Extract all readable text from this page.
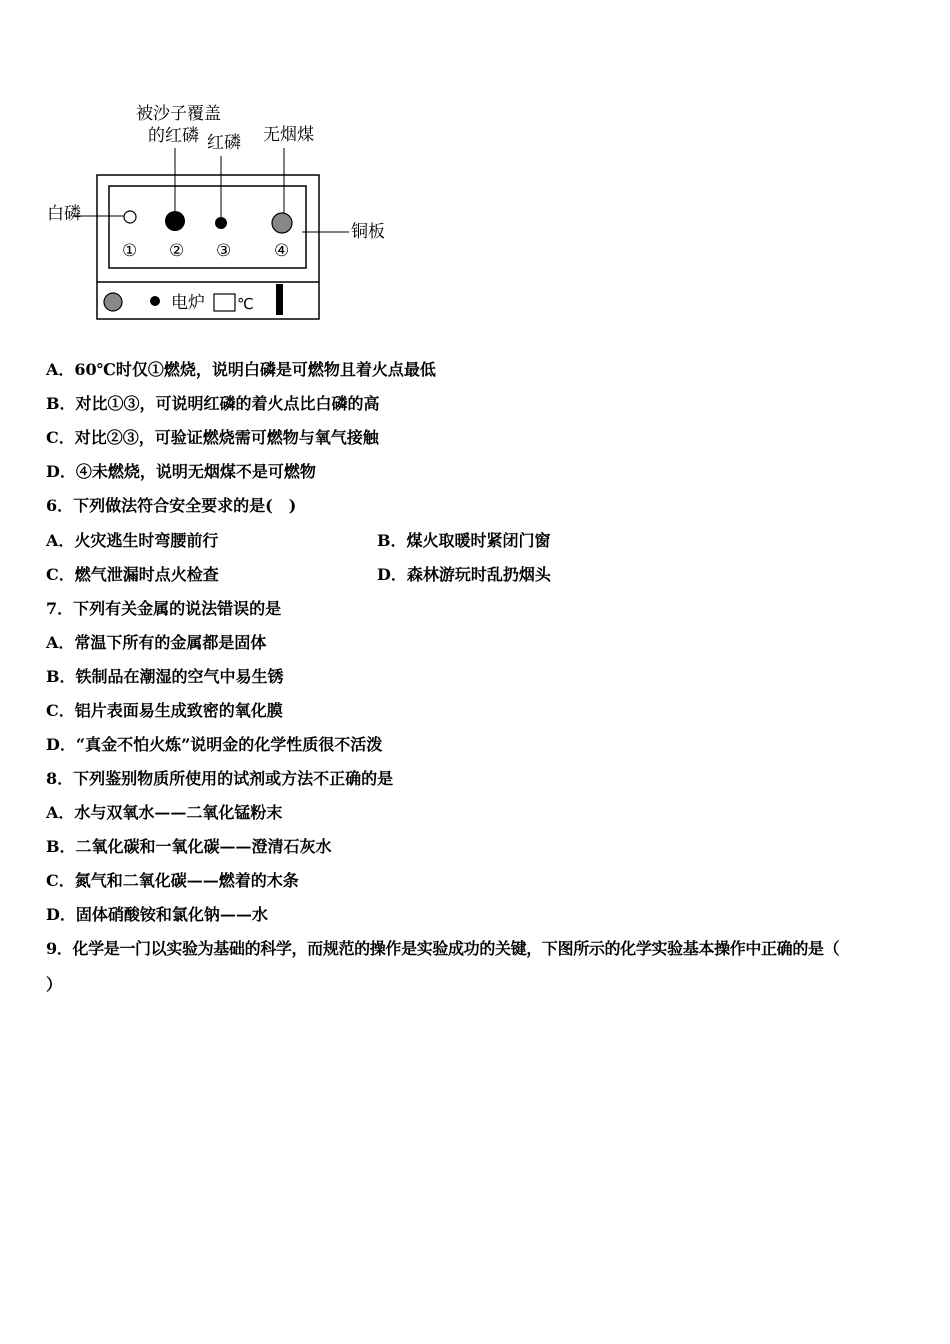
被沙子覆盖
的红磷 红磷 无烟煤
白磷
铜板
① ② ③	④
电炉 ℃
A．60℃时仅①燃烧，说明白磷是可燃物且着火点最低
B．对比①③，可说明红磷的着火点比白磷的高
C．对比②③，可验证燃烧需可燃物与氧气接触
D．④未燃烧，说明无烟煤不是可燃物
6．下列做法符合安全要求的是(　)
A．火灾逃生时弯腰前行	B．煤火取暖时紧闭门窗
C．燃气泄漏时点火检查	D．森林游玩时乱扔烟头
7．下列有关金属的说法错误的是
A．常温下所有的金属都是固体
B．铁制品在潮湿的空气中易生锈
C．铝片表面易生成致密的氧化膜
D．“真金不怕火炼”说明金的化学性质很不活泼
8．下列鉴别物质所使用的试剂或方法不正确的是
A．水与双氧水——二氧化锰粉末
B．二氧化碳和一氧化碳——澄清石灰水
C．氮气和二氧化碳——燃着的木条
D．固体硝酸铵和氯化钠——水
9．化学是一门以实验为基础的科学，而规范的操作是实验成功的关键，下图所示的化学实验基本操作中正确的是（
）
